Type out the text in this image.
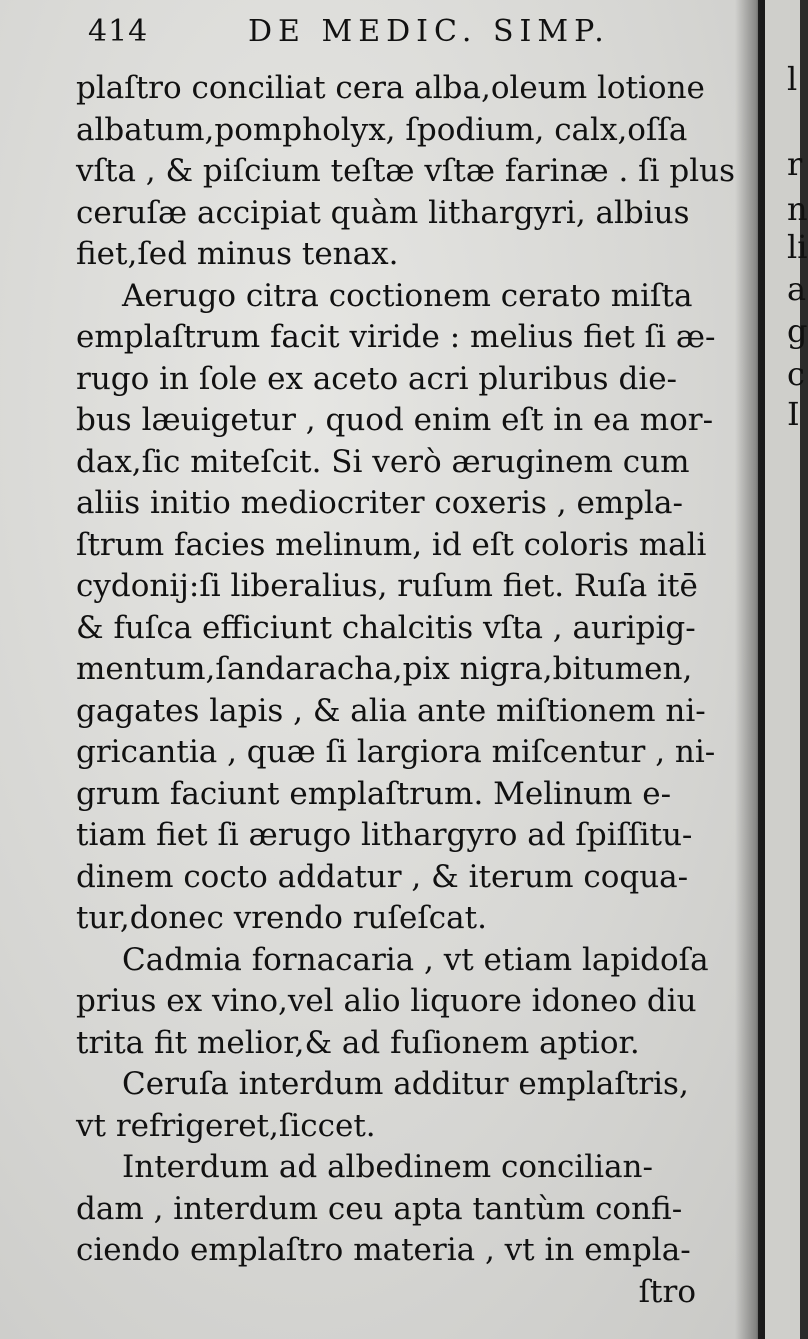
414	DE MEDIC. SIMP.
plaſtro conciliat cera alba,oleum lotione
albatum,pompholyx, ſpodium, calx,oſſa
vſta , & piſcium teſtæ vſtæ farinæ . ſi plus
ceruſæ accipiat quàm lithargyri, albius
fiet,ſed minus tenax.
Aerugo citra coctionem cerato miſta
emplaſtrum facit viride : melius fiet ſi æ-
rugo in ſole ex aceto acri pluribus die-
bus læuigetur , quod enim eſt in ea mor-
dax,ſic miteſcit. Si verò æruginem cum
aliis initio mediocriter coxeris , empla-
ſtrum facies melinum, id eſt coloris mali
cydonij:ſi liberalius, ruſum fiet. Ruſa itē
& fuſca efficiunt chalcitis vſta , auripig-
mentum,ſandaracha,pix nigra,bitumen,
gagates lapis , & alia ante miſtionem ni-
gricantia , quæ ſi largiora miſcentur , ni-
grum faciunt emplaſtrum. Melinum e-
tiam fiet ſi ærugo lithargyro ad ſpiſſitu-
dinem cocto addatur , & iterum coqua-
tur,donec vrendo ruſeſcat.
Cadmia fornacaria , vt etiam lapidoſa
prius ex vino,vel alio liquore idoneo diu
trita fit melior,& ad fuſionem aptior.
Ceruſa interdum additur emplaſtris,
vt refrigeret,ſiccet.
Interdum ad albedinem concilian-
dam , interdum ceu apta tantùm confi-
ciendo emplaſtro materia , vt in empla-
ſtro
l
r
n
li
a
g
c
I
